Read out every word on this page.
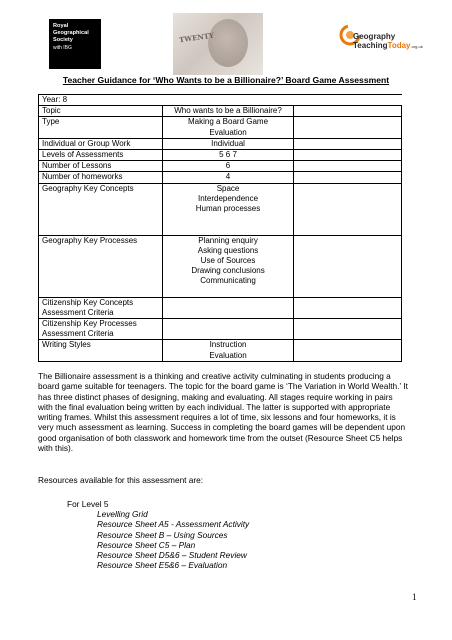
Royal
Geographical
Society
with IBG
TWENTY	Geography
TeachingToday.org.uk
Teacher Guidance for ‘Who Wants to be a Billionaire?’ Board Game Assessment
Year: 8		
Topic	Who wants to be a Billionaire?	
Type	Making a Board Game
Evaluation	
Individual or Group Work	Individual	
Levels of Assessments	5 6 7	
Number of Lessons	6	
Number of homeworks	4	
Geography Key Concepts	Space
Interdependence
Human processes	
Geography Key Processes	Planning enquiry
Asking questions
Use of Sources
Drawing conclusions
Communicating	
Citizenship Key Concepts
Assessment Criteria		
Citizenship Key Processes
Assessment Criteria		
Writing Styles	Instruction
Evaluation	
The Billionaire assessment is a thinking and creative activity culminating in students producing a board game suitable for teenagers. The topic for the board game is ‘The Variation in World Wealth.’ It has three distinct phases of designing, making and evaluating. All stages require working in pairs with the final evaluation being written by each individual. The latter is supported with appropriate writing frames. Whilst this assessment requires a lot of time, six lessons and four homeworks, it is very much assessment as learning. Success in completing the board games will be dependent upon good organisation of both classwork and homework time from the outset (Resource Sheet C5 helps with this).
Resources available for this assessment are:
For Level 5
Levelling Grid
Resource Sheet A5 - Assessment Activity
Resource Sheet B – Using Sources
Resource Sheet C5 – Plan
Resource Sheet D5&6 – Student Review
Resource Sheet E5&6 – Evaluation
1
